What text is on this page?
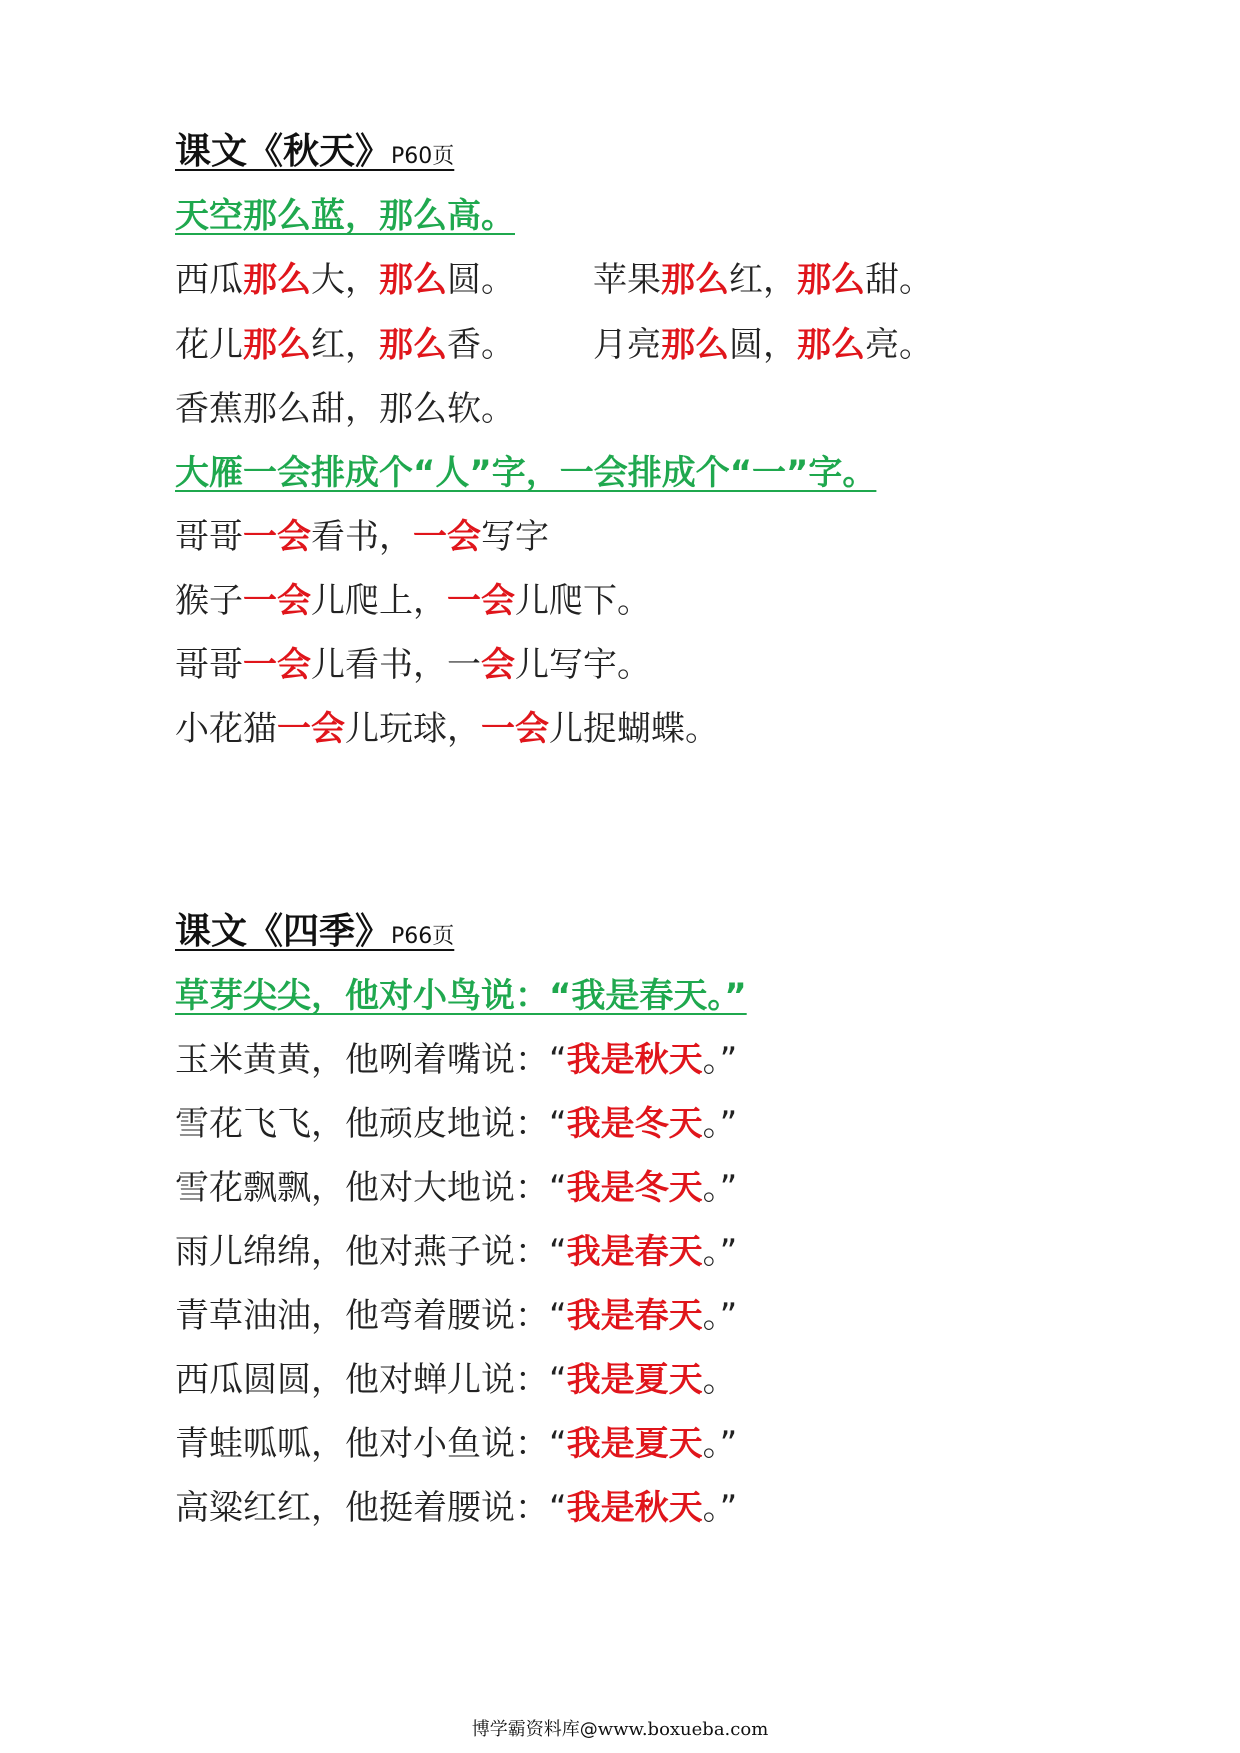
课文《秋天》P60页
天空那么蓝，那么高。
西瓜那么大，那么圆。 苹果那么红，那么甜。
花儿那么红，那么香。 月亮那么圆，那么亮。
香蕉那么甜，那么软。
大雁一会排成个“人”字，一会排成个“一”字。
哥哥一会看书，一会写字
猴子一会儿爬上，一会儿爬下。
哥哥一会儿看书，一会儿写宇。
小花猫一会儿玩球，一会儿捉蝴蝶。
课文《四季》P66页
草芽尖尖，他对小鸟说：“我是春天。”
玉米黄黄，他咧着嘴说：“我是秋天。”
雪花飞飞，他顽皮地说：“我是冬天。”
雪花飘飘，他对大地说：“我是冬天。”
雨儿绵绵，他对燕子说：“我是春天。”
青草油油，他弯着腰说：“我是春天。”
西瓜圆圆，他对蝉儿说：“我是夏天。
青蛙呱呱，他对小鱼说：“我是夏天。”
高粱红红，他挺着腰说：“我是秋天。”
博学霸资料库@www.boxueba.com
